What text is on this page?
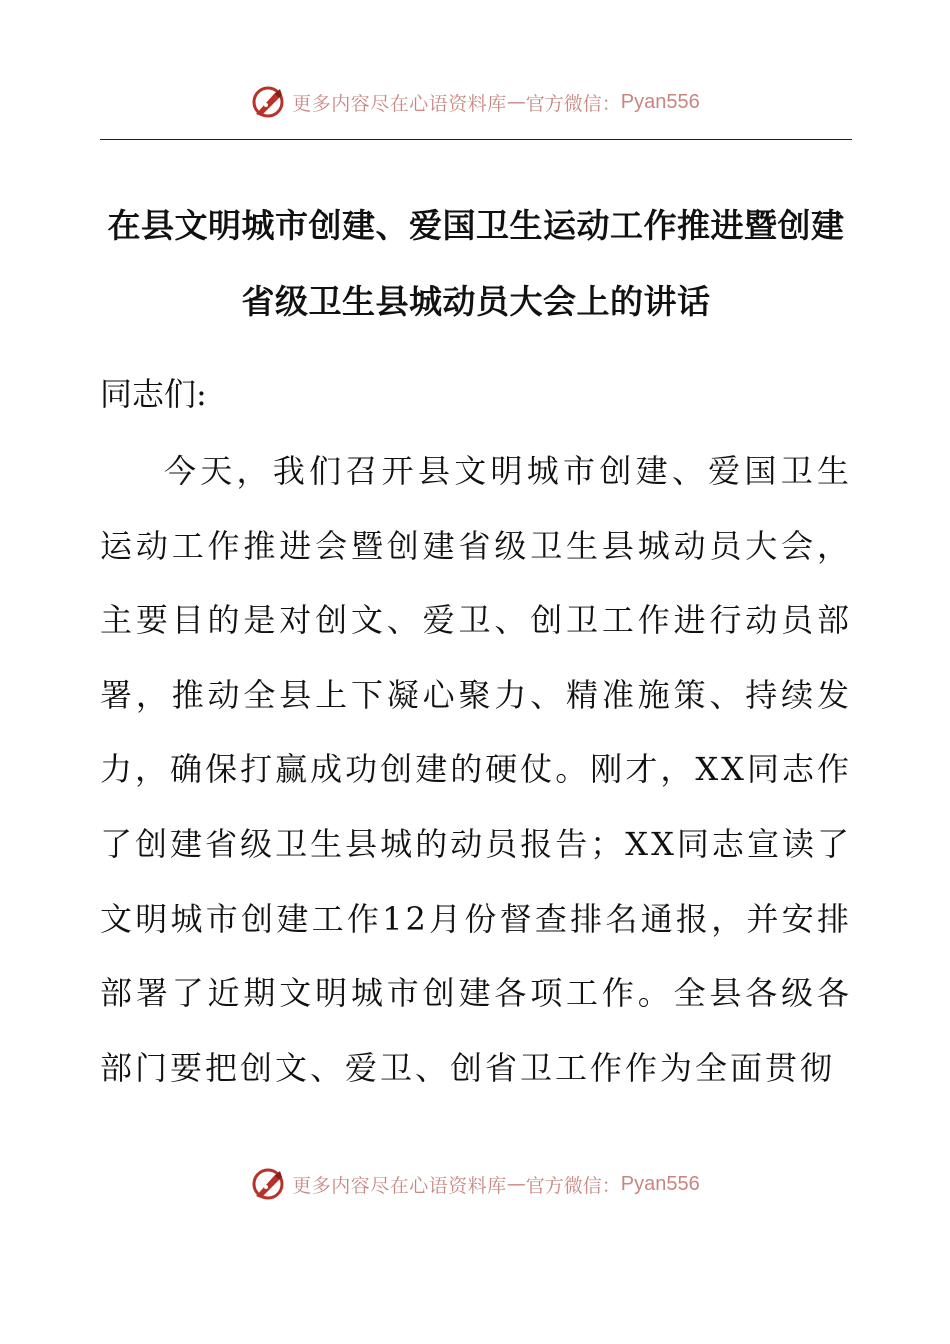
更多内容尽在心语资料库 — 官方微信： Pyan556
在县文明城市创建、爱国卫生运动工作推进暨创建省级卫生县城动员大会上的讲话

同志们:

今天，我们召开县文明城市创建、爱国卫生运动工作推进会暨创建省级卫生县城动员大会，主要目的是对创文、爱卫、创卫工作进行动员部署，推动全县上下凝心聚力、精准施策、持续发力，确保打赢成功创建的硬仗。刚才，XX同志作了创建省级卫生县城的动员报告；XX同志宣读了文明城市创建工作12月份督查排名通报，并安排部署了近期文明城市创建各项工作。全县各级各部门要把创文、爱卫、创省卫工作作为全面贯彻

更多内容尽在心语资料库 — 官方微信： Pyan556
